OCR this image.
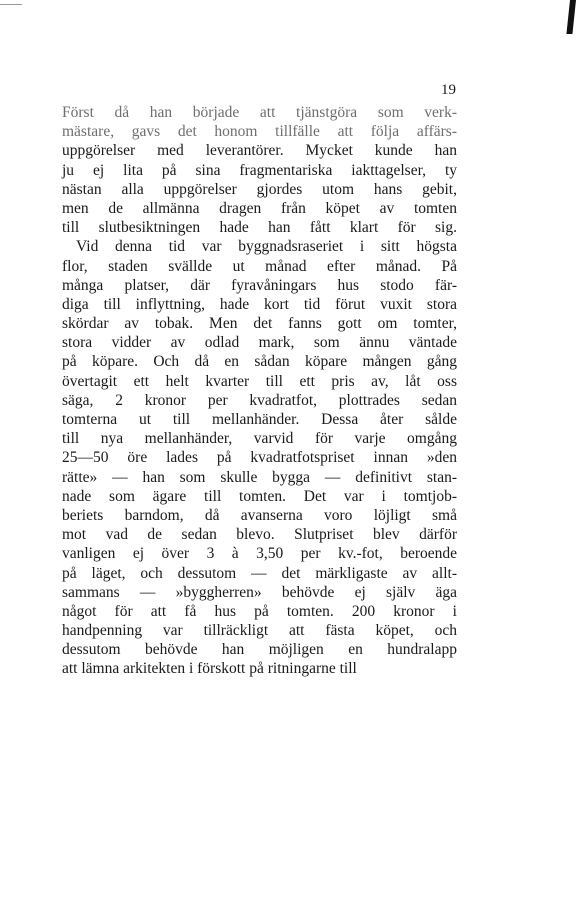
19
Först då han började att tjänstgöra som verk-
mästare, gavs det honom tillfälle att följa affärs-
uppgörelser med leverantörer. Mycket kunde han
ju ej lita på sina fragmentariska iakttagelser, ty
nästan alla uppgörelser gjordes utom hans gebit,
men de allmänna dragen från köpet av tomten
till slutbesiktningen hade han fått klart för sig.
Vid denna tid var byggnadsraseriet i sitt högsta
flor, staden svällde ut månad efter månad. På
många platser, där fyravåningars hus stodo fär-
diga till inflyttning, hade kort tid förut vuxit stora
skördar av tobak. Men det fanns gott om tomter,
stora vidder av odlad mark, som ännu väntade
på köpare. Och då en sådan köpare mången gång
övertagit ett helt kvarter till ett pris av, låt oss
säga, 2 kronor per kvadratfot, plottrades sedan
tomterna ut till mellanhänder. Dessa åter sålde
till nya mellanhänder, varvid för varje omgång
25—50 öre lades på kvadratfotspriset innan »den
rätte» — han som skulle bygga — definitivt stan-
nade som ägare till tomten. Det var i tomtjob-
beriets barndom, då avanserna voro löjligt små
mot vad de sedan blevo. Slutpriset blev därför
vanligen ej över 3 à 3,50 per kv.-fot, beroende
på läget, och dessutom — det märkligaste av allt-
sammans — »byggherren» behövde ej själv äga
något för att få hus på tomten. 200 kronor i
handpenning var tillräckligt att fästa köpet, och
dessutom behövde han möjligen en hundralapp
att lämna arkitekten i förskott på ritningarne till
